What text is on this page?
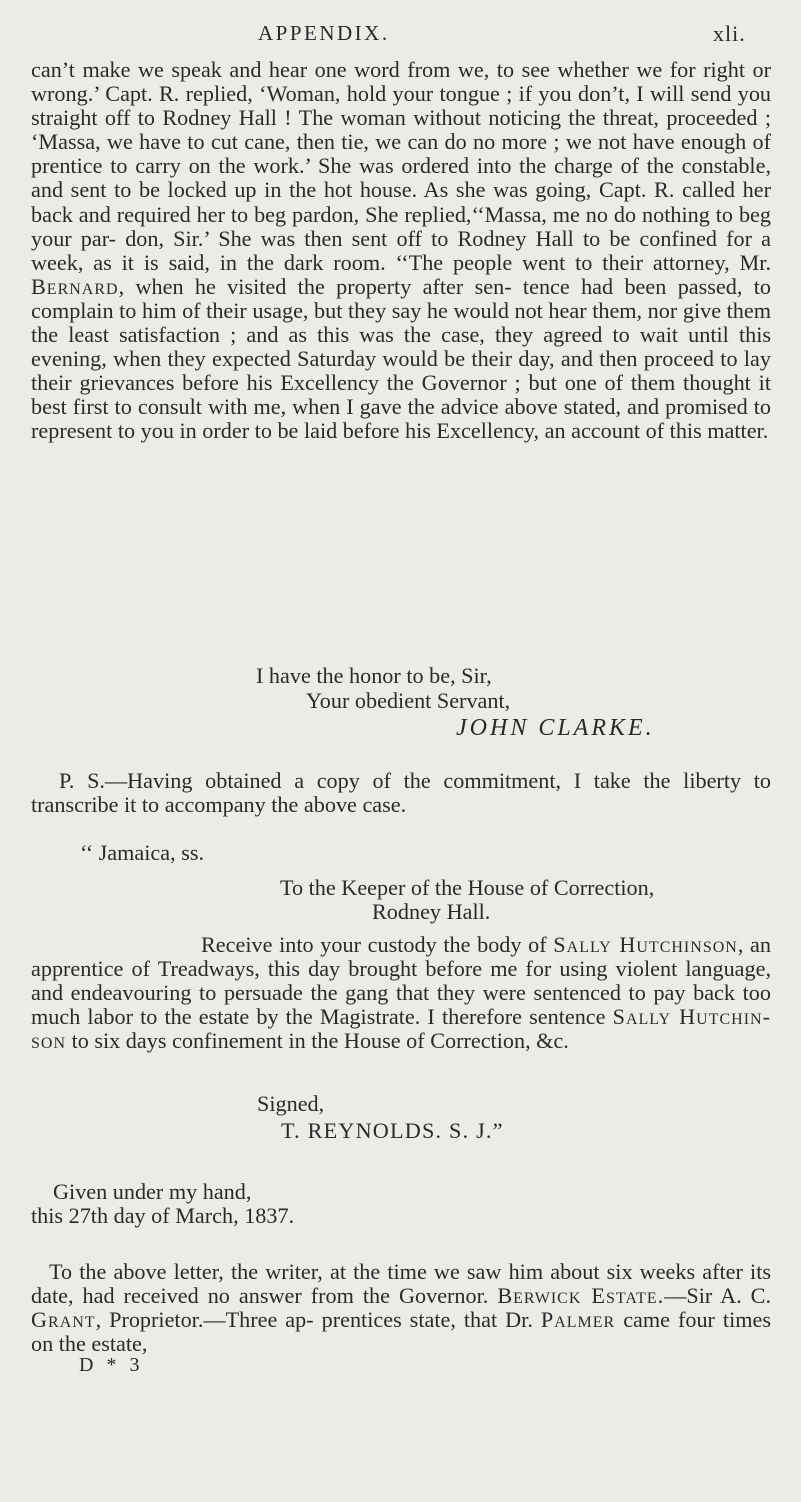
APPENDIX.	xli.

can’t make we speak and hear one word from we, to see whether we for right or wrong.’ Capt. R. replied, ‘Woman, hold your tongue ; if you don’t, I will send you straight off to Rodney Hall ! The woman without noticing the threat, proceeded ; ‘Massa, we have to cut cane, then tie, we can do no more ; we not have enough of prentice to carry on the work.’ She was ordered into the charge of the constable, and sent to be locked up in the hot house. As she was going, Capt. R. called her back and required her to beg pardon, She replied,‘‘Massa, me no do nothing to beg your par- don, Sir.’ She was then sent off to Rodney Hall to be confined for a week, as it is said, in the dark room. ‘‘The people went to their attorney, Mr. Bernard, when he visited the property after sen- tence had been passed, to complain to him of their usage, but they say he would not hear them, nor give them the least satisfaction ; and as this was the case, they agreed to wait until this evening, when they expected Saturday would be their day, and then proceed to lay their grievances before his Excellency the Governor ; but one of them thought it best first to consult with me, when I gave the advice above stated, and promised to represent to you in order to be laid before his Excellency, an account of this matter.

I have the honor to be, Sir,
Your obedient Servant,
JOHN CLARKE.

P. S.—Having obtained a copy of the commitment, I take the liberty to transcribe it to accompany the above case.

‘‘ Jamaica, ss.
To the Keeper of the House of Correction,
Rodney Hall.

Receive into your custody the body of Sally Hutchinson, an apprentice of Treadways, this day brought before me for using violent language, and endeavouring to persuade the gang that they were sentenced to pay back too much labor to the estate by the Magistrate. I therefore sentence Sally Hutchin- son to six days confinement in the House of Correction, &c.

Signed,
T. REYNOLDS. S. J.”
Given under my hand,
this 27th day of March, 1837.

To the above letter, the writer, at the time we saw him about six weeks after its date, had received no answer from the Governor. Berwick Estate.—Sir A. C. Grant, Proprietor.—Three ap- prentices state, that Dr. Palmer came four times on the estate,

D * 3
